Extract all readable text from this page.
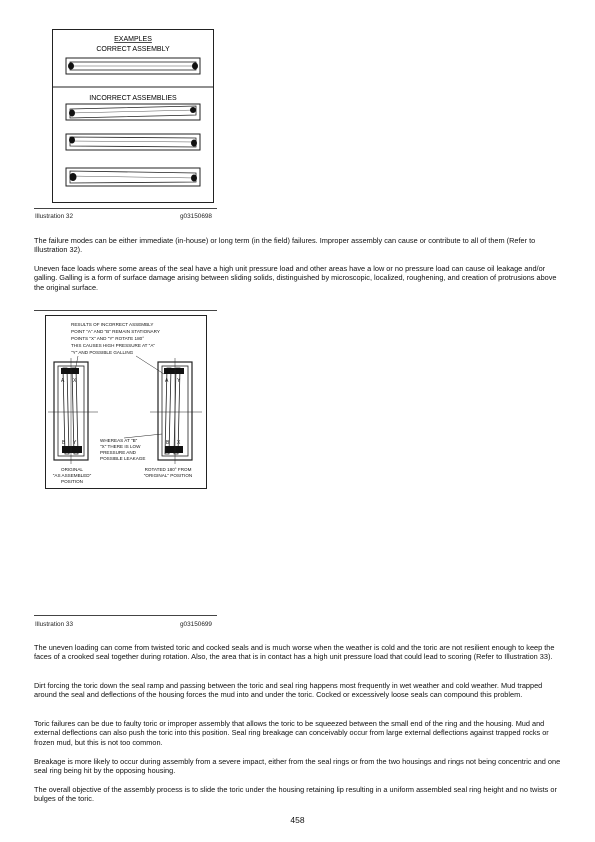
EXAMPLES
CORRECT ASSEMBLY
INCORRECT ASSEMBLIES
Illustration 32	g03150698

The failure modes can be either immediate (in-house) or long term (in the field) failures. Improper assembly can cause or contribute to all of them (Refer to Illustration 32).

Uneven face loads where some areas of the seal have a high unit pressure load and other areas have a low or no pressure load can cause oil leakage and/or galling. Galling is a form of surface damage arising between sliding solids, distinguished by microscopic, localized, roughening, and creation of protrusions above the original surface.

RESULTS OF INCORRECT ASSEMBLY
POINT "A" AND "B" REMAIN STATIONARY
POINTS "X" AND "Y" ROTATE 180°
THIS CAUSES HIGH PRESSURE AT "A"
"Y" AND POSSIBLE GALLING
A X
B Y
A Y
B X
WHEREAS AT "B"
"X" THERE IS LOW
PRESSURE AND
POSSIBLE LEAKAGE
ORIGINAL
"AS ASSEMBLED"
POSITION
ROTATED 180° FROM
"ORIGINAL" POSITION
Illustration 33	g03150699

The uneven loading can come from twisted toric and cocked seals and is much worse when the weather is cold and the toric are not resilient enough to keep the faces of a crooked seal together during rotation. Also, the area that is in contact has a high unit pressure load that could lead to scoring (Refer to Illustration 33).

Dirt forcing the toric down the seal ramp and passing between the toric and seal ring happens most frequently in wet weather and cold weather. Mud trapped around the seal and deflections of the housing forces the mud into and under the toric. Cocked or excessively loose seals can compound this problem.

Toric failures can be due to faulty toric or improper assembly that allows the toric to be squeezed between the small end of the ring and the housing. Mud and external deflections can also push the toric into this position. Seal ring breakage can conceivably occur from large external deflections against trapped rocks or frozen mud, but this is not too common.

Breakage is more likely to occur during assembly from a severe impact, either from the seal rings or from the two housings and rings not being concentric and one seal ring being hit by the opposing housing.

The overall objective of the assembly process is to slide the toric under the housing retaining lip resulting in a uniform assembled seal ring height and no twists or bulges of the toric.

458
